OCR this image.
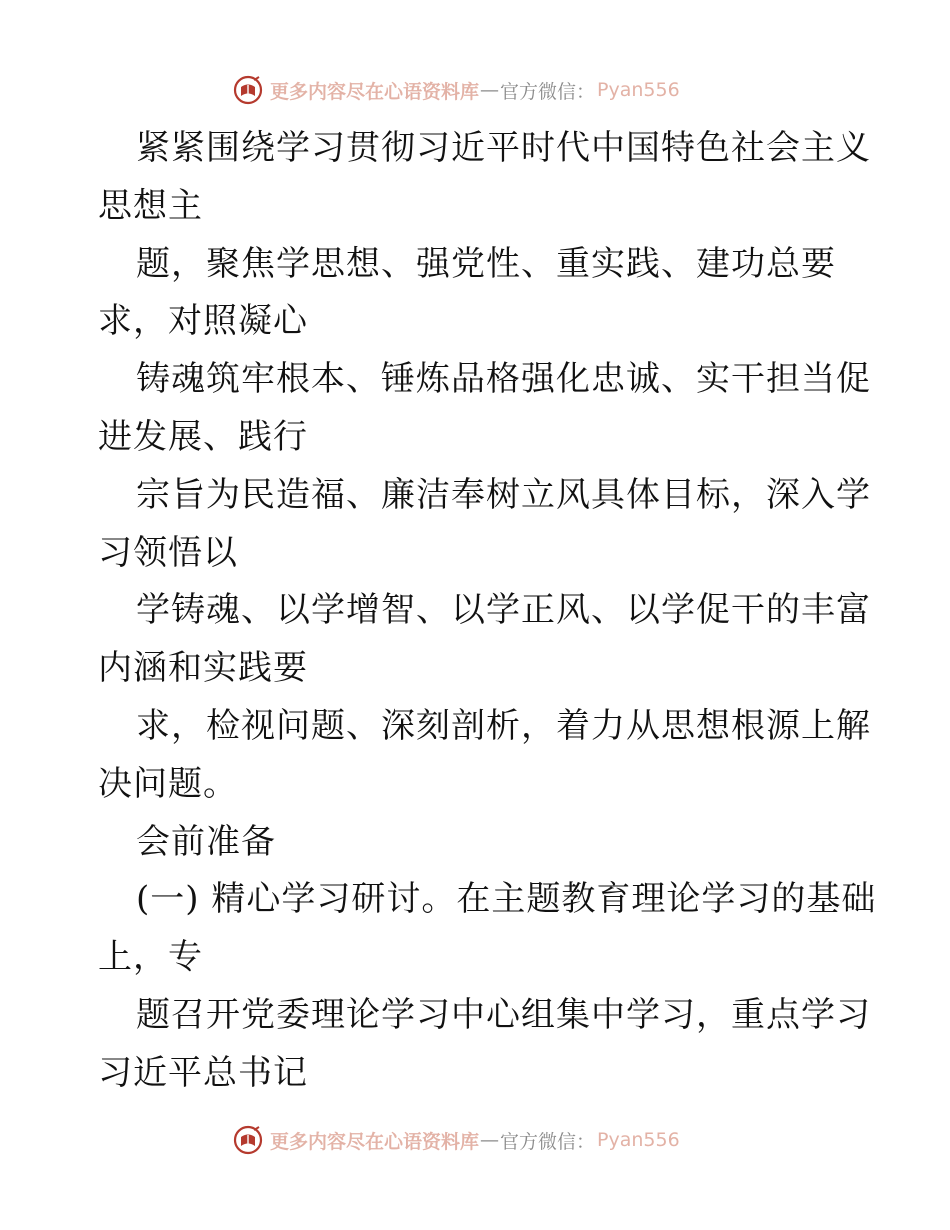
更多内容尽在心语资料库 — 官方微信： Pyan556
紧紧围绕学习贯彻习近平时代中国特色社会主义
思想主
题，聚焦学思想、强党性、重实践、建功总要
求，对照凝心
铸魂筑牢根本、锤炼品格强化忠诚、实干担当促
进发展、践行
宗旨为民造福、廉洁奉树立风具体目标，深入学
习领悟以
学铸魂、以学增智、以学正风、以学促干的丰富
内涵和实践要
求，检视问题、深刻剖析，着力从思想根源上解
决问题。
会前准备
(一) 精心学习研讨。在主题教育理论学习的基础
上，专
题召开党委理论学习中心组集中学习，重点学习
习近平总书记
更多内容尽在心语资料库 — 官方微信： Pyan556
